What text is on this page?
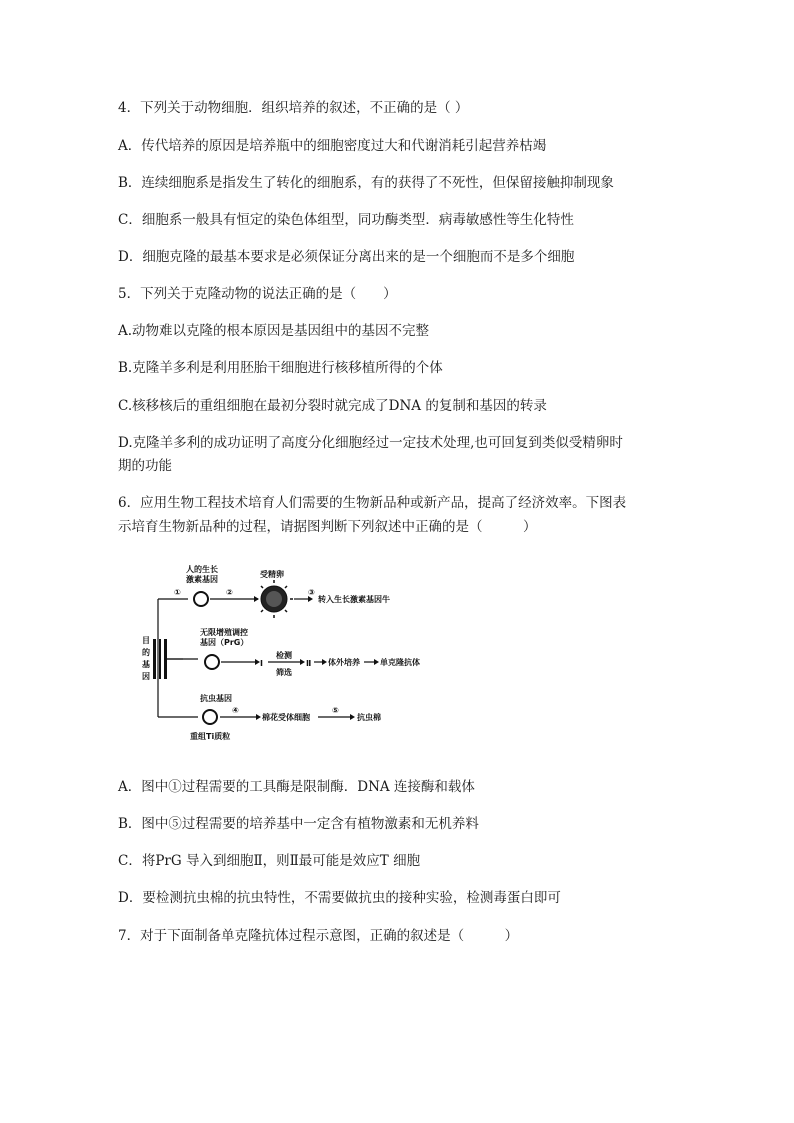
4．下列关于动物细胞．组织培养的叙述，不正确的是（ ）
A．传代培养的原因是培养瓶中的细胞密度过大和代谢消耗引起营养枯竭
B．连续细胞系是指发生了转化的细胞系，有的获得了不死性，但保留接触抑制现象
C．细胞系一般具有恒定的染色体组型，同功酶类型．病毒敏感性等生化特性
D．细胞克隆的最基本要求是必须保证分离出来的是一个细胞而不是多个细胞
5．下列关于克隆动物的说法正确的是（　　）
A.动物难以克隆的根本原因是基因组中的基因不完整
B.克隆羊多利是利用胚胎干细胞进行核移植所得的个体
C.核移核后的重组细胞在最初分裂时就完成了DNA 的复制和基因的转录
D.克隆羊多利的成功证明了高度分化细胞经过一定技术处理,也可回复到类似受精卵时
期的功能
6．应用生物工程技术培育人们需要的生物新品种或新产品，提高了经济效率。下图表
示培育生物新品种的过程，请据图判断下列叙述中正确的是（　　　）
目
的
基
因
①
人的生长
激素基因
②
受精卵
③
转入生长激素基因牛
无限增殖调控
基因（PrG）
Ⅰ
检测
筛选
Ⅱ 体外培养	单克隆抗体
抗虫基因
重组Ti质粒
④
棉花受体细胞
⑤
抗虫棉
A．图中①过程需要的工具酶是限制酶．DNA 连接酶和载体
B．图中⑤过程需要的培养基中一定含有植物激素和无机养料
C．将PrG 导入到细胞Ⅱ，则Ⅱ最可能是效应T 细胞
D．要检测抗虫棉的抗虫特性，不需要做抗虫的接种实验，检测毒蛋白即可
7．对于下面制备单克隆抗体过程示意图，正确的叙述是（　　　）
